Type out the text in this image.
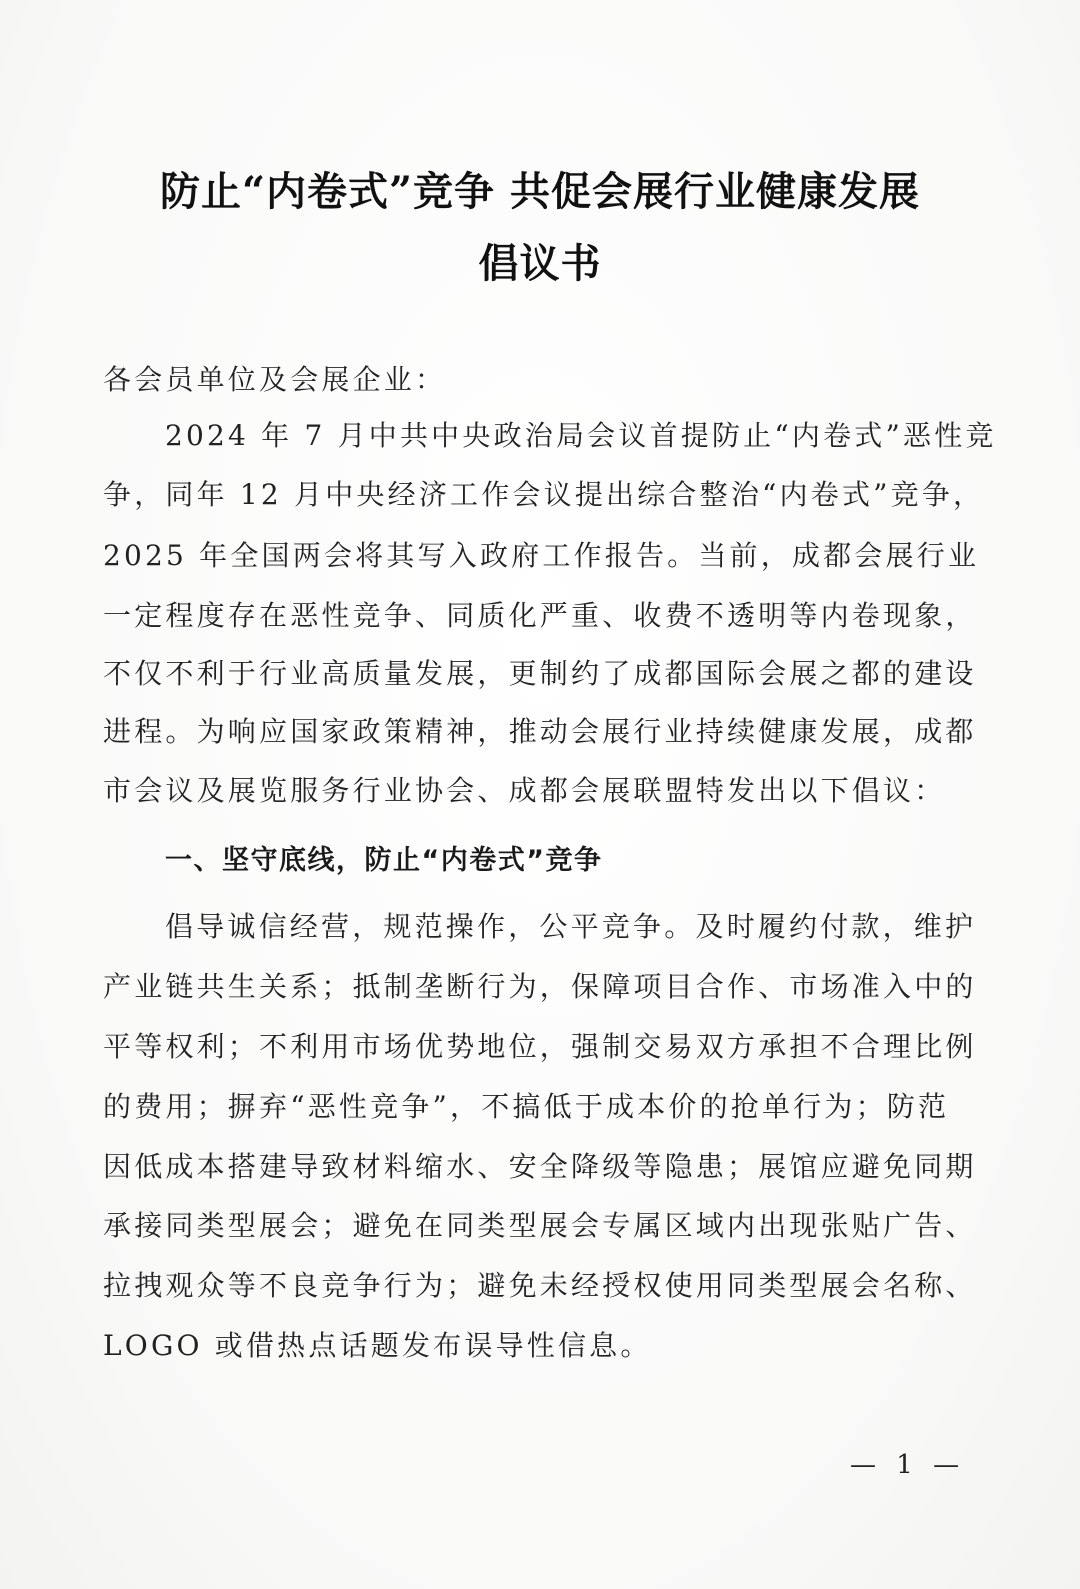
防止“内卷式”竞争 共促会展行业健康发展
倡议书
各会员单位及会展企业：
2024 年 7 月中共中央政治局会议首提防止“内卷式”恶性竞
争，同年 12 月中央经济工作会议提出综合整治“内卷式”竞争，
2025 年全国两会将其写入政府工作报告。当前，成都会展行业
一定程度存在恶性竞争、同质化严重、收费不透明等内卷现象，
不仅不利于行业高质量发展，更制约了成都国际会展之都的建设
进程。为响应国家政策精神，推动会展行业持续健康发展，成都
市会议及展览服务行业协会、成都会展联盟特发出以下倡议：
一、坚守底线，防止“内卷式”竞争
倡导诚信经营，规范操作，公平竞争。及时履约付款，维护
产业链共生关系；抵制垄断行为，保障项目合作、市场准入中的
平等权利；不利用市场优势地位，强制交易双方承担不合理比例
的费用；摒弃“恶性竞争”，不搞低于成本价的抢单行为；防范
因低成本搭建导致材料缩水、安全降级等隐患；展馆应避免同期
承接同类型展会；避免在同类型展会专属区域内出现张贴广告、
拉拽观众等不良竞争行为；避免未经授权使用同类型展会名称、
LOGO 或借热点话题发布误导性信息。
— 1 —
